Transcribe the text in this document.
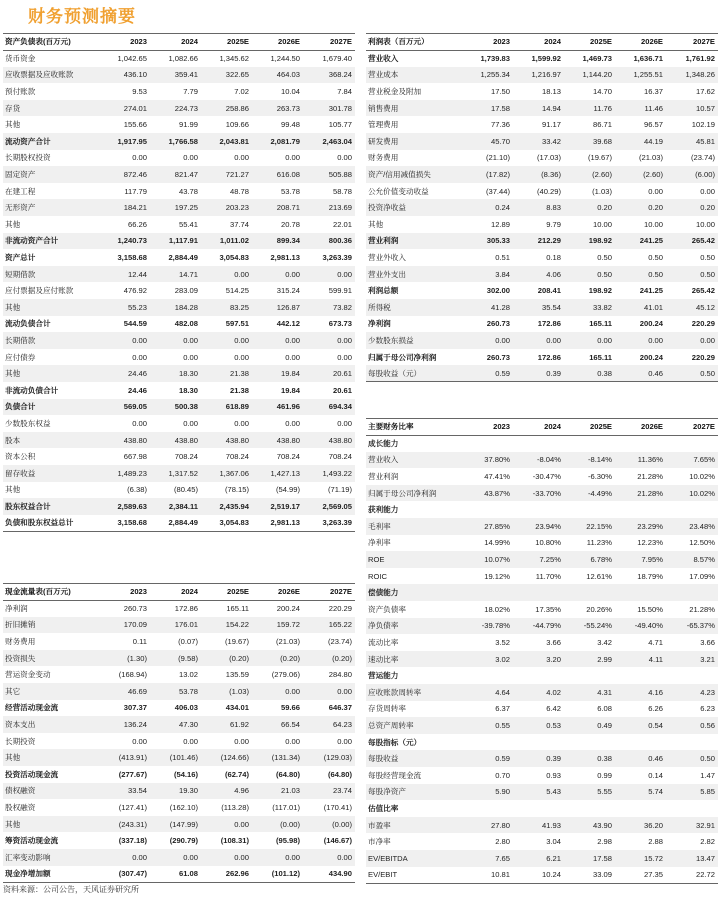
财务预测摘要
资产负债表(百万元)	2023	2024	2025E	2026E	2027E
货币资金	1,042.65	1,082.66	1,345.62	1,244.50	1,679.40
应收票据及应收账款	436.10	359.41	322.65	464.03	368.24
预付账款	9.53	7.79	7.02	10.04	7.84
存货	274.01	224.73	258.86	263.73	301.78
其他	155.66	91.99	109.66	99.48	105.77
流动资产合计	1,917.95	1,766.58	2,043.81	2,081.79	2,463.04
长期股权投资	0.00	0.00	0.00	0.00	0.00
固定资产	872.46	821.47	721.27	616.08	505.88
在建工程	117.79	43.78	48.78	53.78	58.78
无形资产	184.21	197.25	203.23	208.71	213.69
其他	66.26	55.41	37.74	20.78	22.01
非流动资产合计	1,240.73	1,117.91	1,011.02	899.34	800.36
资产总计	3,158.68	2,884.49	3,054.83	2,981.13	3,263.39
短期借款	12.44	14.71	0.00	0.00	0.00
应付票据及应付账款	476.92	283.09	514.25	315.24	599.91
其他	55.23	184.28	83.25	126.87	73.82
流动负债合计	544.59	482.08	597.51	442.12	673.73
长期借款	0.00	0.00	0.00	0.00	0.00
应付债券	0.00	0.00	0.00	0.00	0.00
其他	24.46	18.30	21.38	19.84	20.61
非流动负债合计	24.46	18.30	21.38	19.84	20.61
负债合计	569.05	500.38	618.89	461.96	694.34
少数股东权益	0.00	0.00	0.00	0.00	0.00
股本	438.80	438.80	438.80	438.80	438.80
资本公积	667.98	708.24	708.24	708.24	708.24
留存收益	1,489.23	1,317.52	1,367.06	1,427.13	1,493.22
其他	(6.38)	(80.45)	(78.15)	(54.99)	(71.19)
股东权益合计	2,589.63	2,384.11	2,435.94	2,519.17	2,569.05
负债和股东权益总计	3,158.68	2,884.49	3,054.83	2,981.13	3,263.39
利润表（百万元）	2023	2024	2025E	2026E	2027E
营业收入	1,739.83	1,599.92	1,469.73	1,636.71	1,761.92
营业成本	1,255.34	1,216.97	1,144.20	1,255.51	1,348.26
营业税金及附加	17.50	18.13	14.70	16.37	17.62
销售费用	17.58	14.94	11.76	11.46	10.57
管理费用	77.36	91.17	86.71	96.57	102.19
研发费用	45.70	33.42	39.68	44.19	45.81
财务费用	(21.10)	(17.03)	(19.67)	(21.03)	(23.74)
资产/信用减值损失	(17.82)	(8.36)	(2.60)	(2.60)	(6.00)
公允价值变动收益	(37.44)	(40.29)	(1.03)	0.00	0.00
投资净收益	0.24	8.83	0.20	0.20	0.20
其他	12.89	9.79	10.00	10.00	10.00
营业利润	305.33	212.29	198.92	241.25	265.42
营业外收入	0.51	0.18	0.50	0.50	0.50
营业外支出	3.84	4.06	0.50	0.50	0.50
利润总额	302.00	208.41	198.92	241.25	265.42
所得税	41.28	35.54	33.82	41.01	45.12
净利润	260.73	172.86	165.11	200.24	220.29
少数股东损益	0.00	0.00	0.00	0.00	0.00
归属于母公司净利润	260.73	172.86	165.11	200.24	220.29
每股收益（元）	0.59	0.39	0.38	0.46	0.50
主要财务比率	2023	2024	2025E	2026E	2027E
成长能力					
营业收入	37.80%	-8.04%	-8.14%	11.36%	7.65%
营业利润	47.41%	-30.47%	-6.30%	21.28%	10.02%
归属于母公司净利润	43.87%	-33.70%	-4.49%	21.28%	10.02%
获利能力					
毛利率	27.85%	23.94%	22.15%	23.29%	23.48%
净利率	14.99%	10.80%	11.23%	12.23%	12.50%
ROE	10.07%	7.25%	6.78%	7.95%	8.57%
ROIC	19.12%	11.70%	12.61%	18.79%	17.09%
偿债能力					
资产负债率	18.02%	17.35%	20.26%	15.50%	21.28%
净负债率	-39.78%	-44.79%	-55.24%	-49.40%	-65.37%
流动比率	3.52	3.66	3.42	4.71	3.66
速动比率	3.02	3.20	2.99	4.11	3.21
营运能力					
应收账款周转率	4.64	4.02	4.31	4.16	4.23
存货周转率	6.37	6.42	6.08	6.26	6.23
总资产周转率	0.55	0.53	0.49	0.54	0.56
每股指标（元）					
每股收益	0.59	0.39	0.38	0.46	0.50
每股经营现金流	0.70	0.93	0.99	0.14	1.47
每股净资产	5.90	5.43	5.55	5.74	5.85
估值比率					
市盈率	27.80	41.93	43.90	36.20	32.91
市净率	2.80	3.04	2.98	2.88	2.82
EV/EBITDA	7.65	6.21	17.58	15.72	13.47
EV/EBIT	10.81	10.24	33.09	27.35	22.72
现金流量表(百万元)	2023	2024	2025E	2026E	2027E
净利润	260.73	172.86	165.11	200.24	220.29
折旧摊销	170.09	176.01	154.22	159.72	165.22
财务费用	0.11	(0.07)	(19.67)	(21.03)	(23.74)
投资损失	(1.30)	(9.58)	(0.20)	(0.20)	(0.20)
营运资金变动	(168.94)	13.02	135.59	(279.06)	284.80
其它	46.69	53.78	(1.03)	0.00	0.00
经营活动现金流	307.37	406.03	434.01	59.66	646.37
资本支出	136.24	47.30	61.92	66.54	64.23
长期投资	0.00	0.00	0.00	0.00	0.00
其他	(413.91)	(101.46)	(124.66)	(131.34)	(129.03)
投资活动现金流	(277.67)	(54.16)	(62.74)	(64.80)	(64.80)
债权融资	33.54	19.30	4.96	21.03	23.74
股权融资	(127.41)	(162.10)	(113.28)	(117.01)	(170.41)
其他	(243.31)	(147.99)	0.00	(0.00)	(0.00)
筹资活动现金流	(337.18)	(290.79)	(108.31)	(95.98)	(146.67)
汇率变动影响	0.00	0.00	0.00	0.00	0.00
现金净增加额	(307.47)	61.08	262.96	(101.12)	434.90
资料来源：公司公告，天风证券研究所
